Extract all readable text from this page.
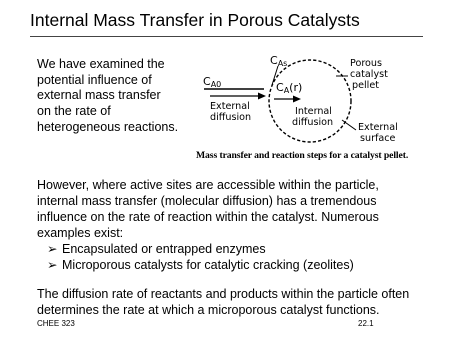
Internal Mass Transfer in Porous Catalysts
We have examined the
potential influence of
external mass transfer
on the rate of
heterogeneous reactions.
CAs
CA0	CA(r)
External diffusion
Internal diffusion
Porous catalyst pellet
External surface
Mass transfer and reaction steps for a catalyst pellet.
However, where active sites are accessible within the particle,
internal mass transfer (molecular diffusion) has a tremendous
influence on the rate of reaction within the catalyst. Numerous
examples exist:
➢ Encapsulated or entrapped enzymes
➢ Microporous catalysts for catalytic cracking (zeolites)
The diffusion rate of reactants and products within the particle often
determines the rate at which a microporous catalyst functions.
CHEE 323	22.1
